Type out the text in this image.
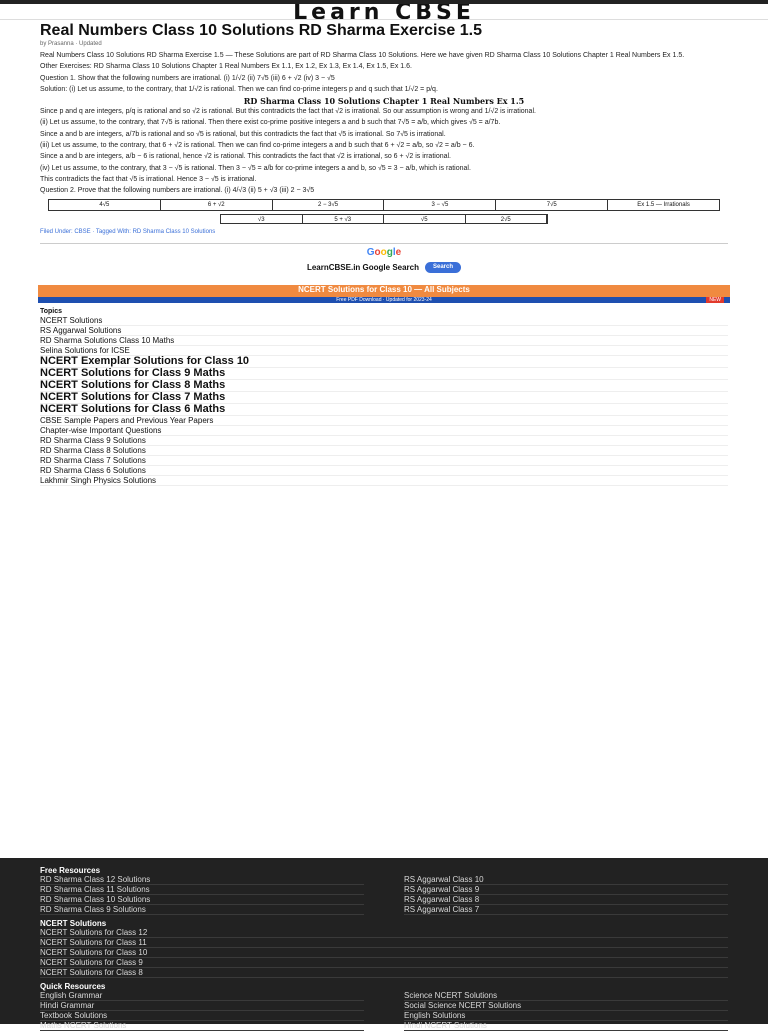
Learn CBSE
Real Numbers Class 10 Solutions RD Sharma Exercise 1.5
by Prasanna · Updated

Real Numbers Class 10 Solutions RD Sharma Exercise 1.5 — These Solutions are part of RD Sharma Class 10 Solutions. Here we have given RD Sharma Class 10 Solutions Chapter 1 Real Numbers Ex 1.5.

Other Exercises: RD Sharma Class 10 Solutions Chapter 1 Real Numbers Ex 1.1, Ex 1.2, Ex 1.3, Ex 1.4, Ex 1.5, Ex 1.6.

Question 1. Show that the following numbers are irrational. (i) 1/√2 (ii) 7√5 (iii) 6 + √2 (iv) 3 − √5

Solution: (i) Let us assume, to the contrary, that 1/√2 is rational. Then we can find co-prime integers p and q such that 1/√2 = p/q.

RD Sharma Class 10 Solutions Chapter 1 Real Numbers Ex 1.5

Since p and q are integers, p/q is rational and so √2 is rational. But this contradicts the fact that √2 is irrational. So our assumption is wrong and 1/√2 is irrational.

(ii) Let us assume, to the contrary, that 7√5 is rational. Then there exist co-prime positive integers a and b such that 7√5 = a/b, which gives √5 = a/7b.

Since a and b are integers, a/7b is rational and so √5 is rational, but this contradicts the fact that √5 is irrational. So 7√5 is irrational.

(iii) Let us assume, to the contrary, that 6 + √2 is rational. Then we can find co-prime integers a and b such that 6 + √2 = a/b, so √2 = a/b − 6.

Since a and b are integers, a/b − 6 is rational, hence √2 is rational. This contradicts the fact that √2 is irrational, so 6 + √2 is irrational.

(iv) Let us assume, to the contrary, that 3 − √5 is rational. Then 3 − √5 = a/b for co-prime integers a and b, so √5 = 3 − a/b, which is rational.

This contradicts the fact that √5 is irrational. Hence 3 − √5 is irrational.

Question 2. Prove that the following numbers are irrational. (i) 4/√3 (ii) 5 + √3 (iii) 2 − 3√5

4√5	6 + √2	2 − 3√5	3 − √5	7√5	Ex 1.5 — Irrationals
√3	5 + √3	√5	2√5
Filed Under: CBSE · Tagged With: RD Sharma Class 10 Solutions
Google
LearnCBSE.in Google Search	Search
NCERT Solutions for Class 10 — All Subjects
Free PDF Download · Updated for 2023-24	NEW
Topics
NCERT Solutions
RS Aggarwal Solutions
RD Sharma Solutions Class 10 Maths
Selina Solutions for ICSE
NCERT Exemplar Solutions for Class 10
NCERT Solutions for Class 9 Maths
NCERT Solutions for Class 8 Maths
NCERT Solutions for Class 7 Maths
NCERT Solutions for Class 6 Maths
CBSE Sample Papers and Previous Year Papers
Chapter-wise Important Questions
RD Sharma Class 9 Solutions
RD Sharma Class 8 Solutions
RD Sharma Class 7 Solutions
RD Sharma Class 6 Solutions
Lakhmir Singh Physics Solutions
Free Resources
RD Sharma Class 12 Solutions
RD Sharma Class 11 Solutions
RD Sharma Class 10 Solutions
RD Sharma Class 9 Solutions
RS Aggarwal Class 10
RS Aggarwal Class 9
RS Aggarwal Class 8
RS Aggarwal Class 7
NCERT Solutions
NCERT Solutions for Class 12
NCERT Solutions for Class 11
NCERT Solutions for Class 10
NCERT Solutions for Class 9
NCERT Solutions for Class 8
Quick Resources
English Grammar
Hindi Grammar
Textbook Solutions
Maths NCERT Solutions
Science NCERT Solutions
Social Science NCERT Solutions
English Solutions
Hindi NCERT Solutions
